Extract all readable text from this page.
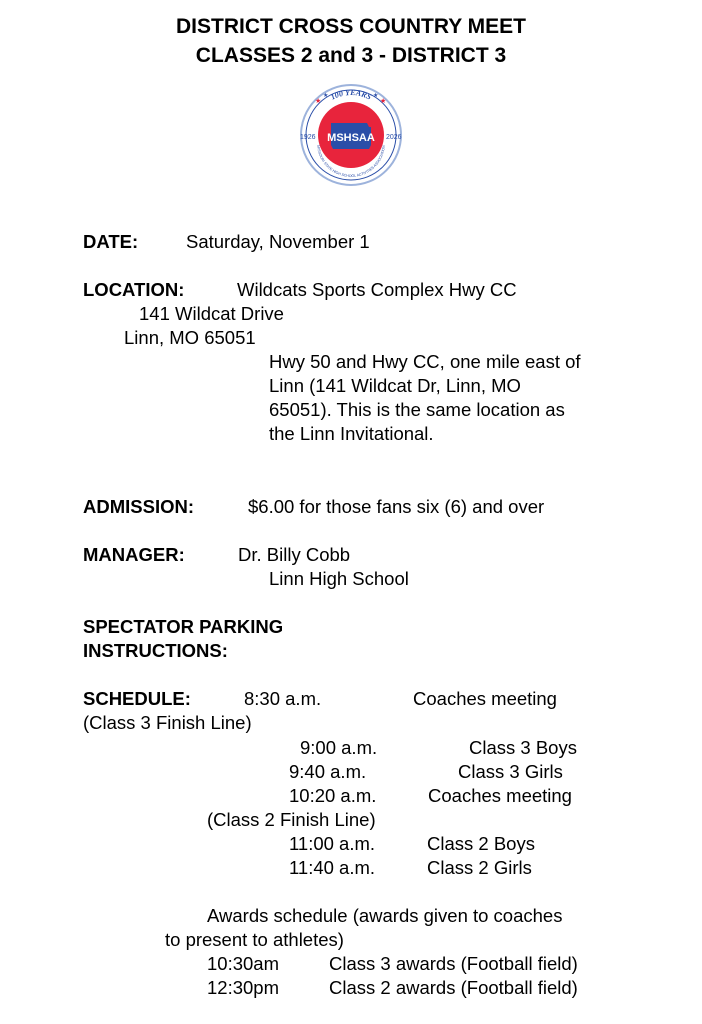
DISTRICT CROSS COUNTRY MEET
CLASSES 2 and 3 - DISTRICT 3
100 YEARS
MISSOURI STATE HIGH SCHOOL ACTIVITIES ASSOCIATION
★
★	★
★
MSHSAA
1926	2026
DATE:	Saturday, November 1
LOCATION:	Wildcats Sports Complex Hwy CC
141 Wildcat Drive
Linn, MO 65051
Hwy 50 and Hwy CC, one mile east of
Linn (141 Wildcat Dr, Linn, MO
65051). This is the same location as
the Linn Invitational.
ADMISSION:	$6.00 for those fans six (6) and over
MANAGER:	Dr. Billy Cobb
Linn High School
SPECTATOR PARKING
INSTRUCTIONS:
SCHEDULE:	8:30 a.m.	Coaches meeting
(Class 3 Finish Line)
9:00 a.m.	Class 3 Boys
9:40 a.m.	Class 3 Girls
10:20 a.m.	Coaches meeting
(Class 2 Finish Line)
11:00 a.m.	Class 2 Boys
11:40 a.m.	Class 2 Girls
Awards schedule (awards given to coaches
to present to athletes)
10:30am	Class 3 awards (Football field)
12:30pm	Class 2 awards (Football field)
